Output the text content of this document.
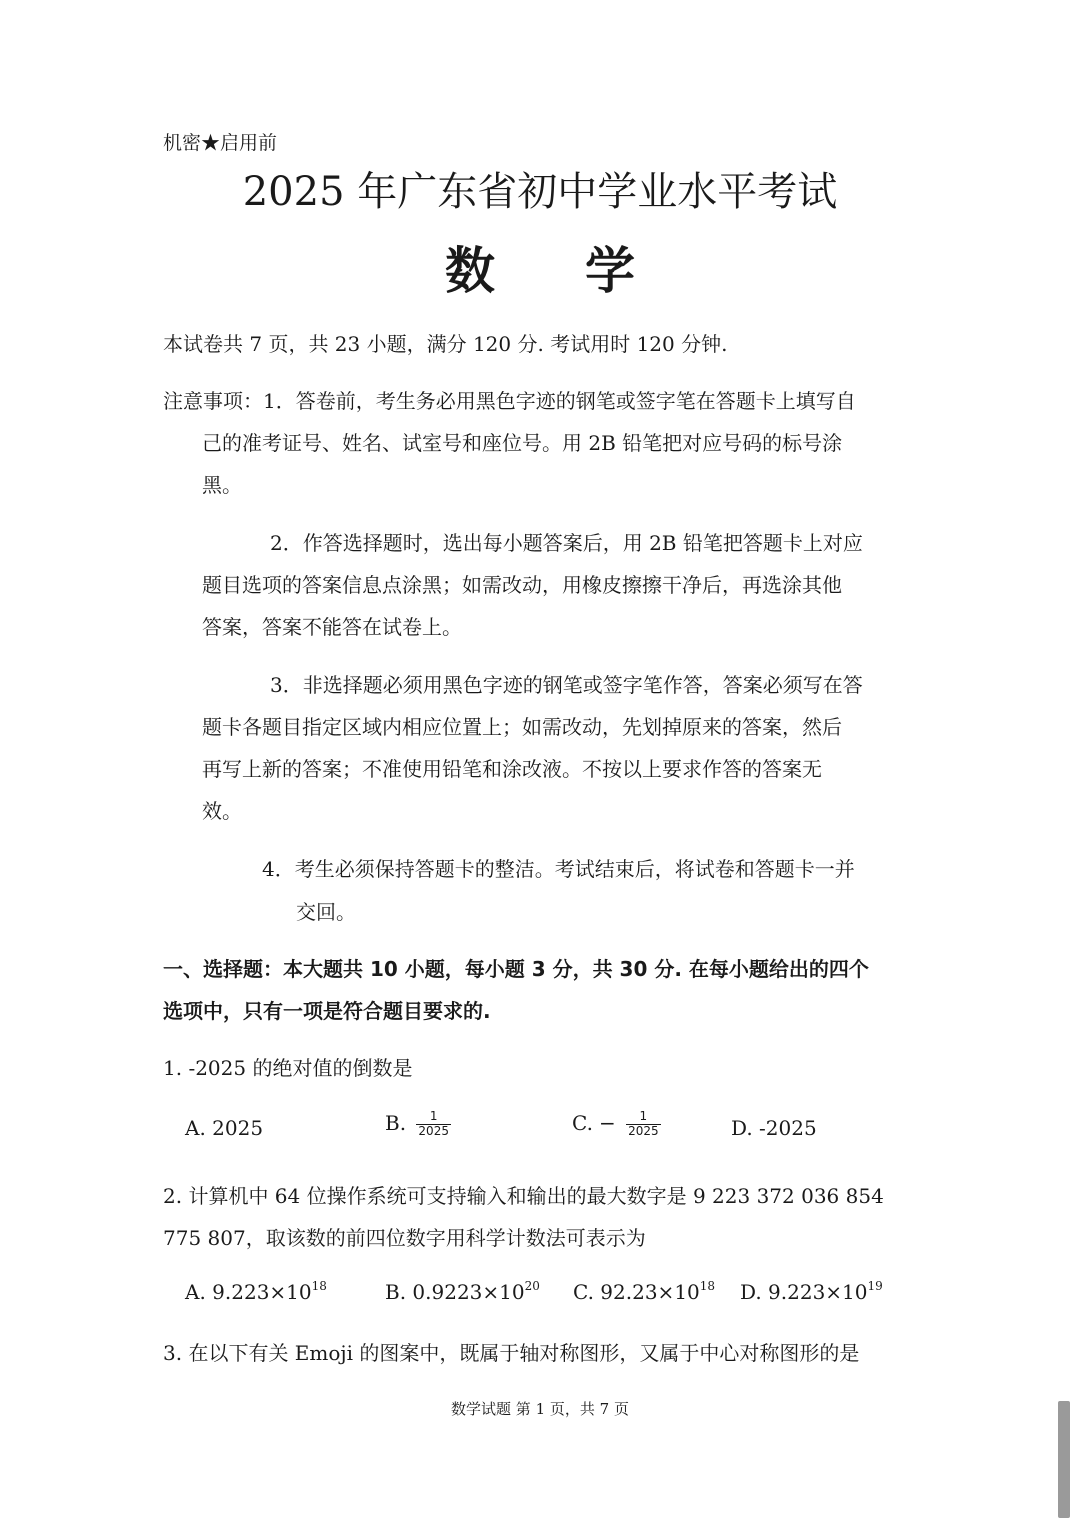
机密★启用前
2025 年广东省初中学业水平考试
数 学
本试卷共 7 页，共 23 小题，满分 120 分. 考试用时 120 分钟.
注意事项：1．答卷前，考生务必用黑色字迹的钢笔或签字笔在答题卡上填写自
己的准考证号、姓名、试室号和座位号。用 2B 铅笔把对应号码的标号涂
黑。
2．作答选择题时，选出每小题答案后，用 2B 铅笔把答题卡上对应
题目选项的答案信息点涂黑；如需改动，用橡皮擦擦干净后，再选涂其他
答案，答案不能答在试卷上。
3．非选择题必须用黑色字迹的钢笔或签字笔作答，答案必须写在答
题卡各题目指定区域内相应位置上；如需改动，先划掉原来的答案，然后
再写上新的答案；不准使用铅笔和涂改液。不按以上要求作答的答案无
效。
4．考生必须保持答题卡的整洁。考试结束后，将试卷和答题卡一并
交回。
一、选择题：本大题共 10 小题，每小题 3 分，共 30 分. 在每小题给出的四个
选项中，只有一项是符合题目要求的.
1. -2025 的绝对值的倒数是
A. 2025	B. $\frac{1}{2025}$	C. − $\frac{1}{2025}$	D. -2025
2. 计算机中 64 位操作系统可支持输入和输出的最大数字是 9 223 372 036 854
775 807，取该数的前四位数字用科学计数法可表示为
A. $9.223\times 10^{18}$	B. $0.9223\times 10^{20}$ C. $92.23\times 10^{18}$ D. $9.223\times 10^{19}$
3. 在以下有关 Emoji 的图案中，既属于轴对称图形，又属于中心对称图形的是
数学试题 第 1 页，共 7 页
